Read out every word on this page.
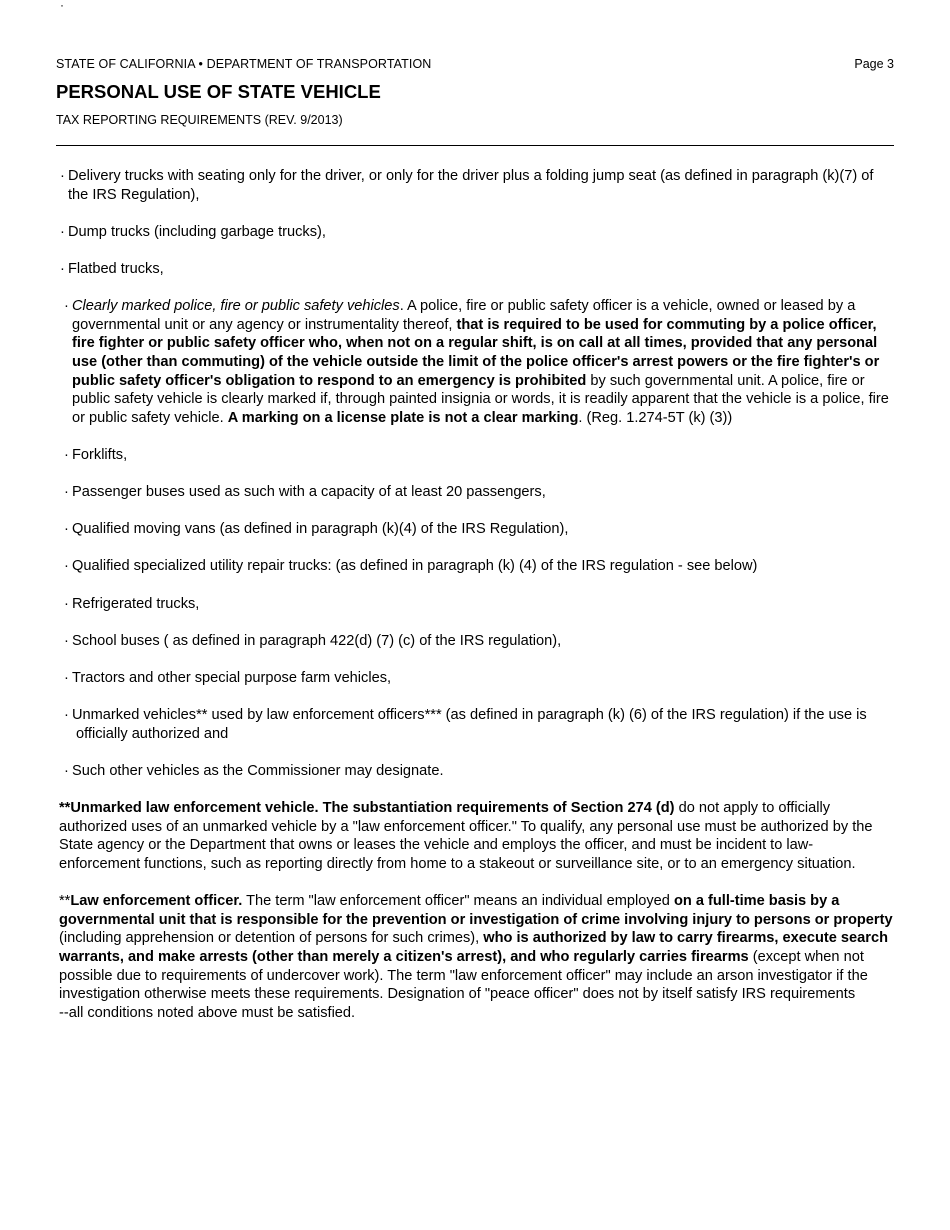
·
STATE OF CALIFORNIA • DEPARTMENT OF TRANSPORTATION	Page 3
PERSONAL USE OF STATE VEHICLE
TAX REPORTING REQUIREMENTS (REV. 9/2013)
· Delivery trucks with seating only for the driver, or only for the driver plus a folding jump seat (as defined in paragraph (k)(7) of the IRS Regulation),
· Dump trucks (including garbage trucks),
· Flatbed trucks,
· Clearly marked police, fire or public safety vehicles. A police, fire or public safety officer is a vehicle, owned or leased by a governmental unit or any agency or instrumentality thereof, that is required to be used for commuting by a police officer, fire fighter or public safety officer who, when not on a regular shift, is on call at all times, provided that any personal use (other than commuting) of the vehicle outside the limit of the police officer's arrest powers or the fire fighter's or public safety officer's obligation to respond to an emergency is prohibited by such governmental unit. A police, fire or public safety vehicle is clearly marked if, through painted insignia or words, it is readily apparent that the vehicle is a police, fire or public safety vehicle. A marking on a license plate is not a clear marking. (Reg. 1.274-5T (k) (3))
· Forklifts,
· Passenger buses used as such with a capacity of at least 20 passengers,
· Qualified moving vans (as defined in paragraph (k)(4) of the IRS Regulation),
· Qualified specialized utility repair trucks: (as defined in paragraph (k) (4) of the IRS regulation - see below)
· Refrigerated trucks,
· School buses ( as defined in paragraph 422(d) (7) (c) of the IRS regulation),
· Tractors and other special purpose farm vehicles,
· Unmarked vehicles** used by law enforcement officers*** (as defined in paragraph (k) (6) of the IRS regulation) if the use is officially authorized and
· Such other vehicles as the Commissioner may designate.

**Unmarked law enforcement vehicle. The substantiation requirements of Section 274 (d) do not apply to officially authorized uses of an unmarked vehicle by a "law enforcement officer." To qualify, any personal use must be authorized by the State agency or the Department that owns or leases the vehicle and employs the officer, and must be incident to law-enforcement functions, such as reporting directly from home to a stakeout or surveillance site, or to an emergency situation.

**Law enforcement officer. The term "law enforcement officer" means an individual employed on a full-time basis by a governmental unit that is responsible for the prevention or investigation of crime involving injury to persons or property (including apprehension or detention of persons for such crimes), who is authorized by law to carry firearms, execute search warrants, and make arrests (other than merely a citizen's arrest), and who regularly carries firearms (except when not possible due to requirements of undercover work). The term "law enforcement officer" may include an arson investigator if the investigation otherwise meets these requirements. Designation of "peace officer" does not by itself satisfy IRS requirements

--all conditions noted above must be satisfied.
